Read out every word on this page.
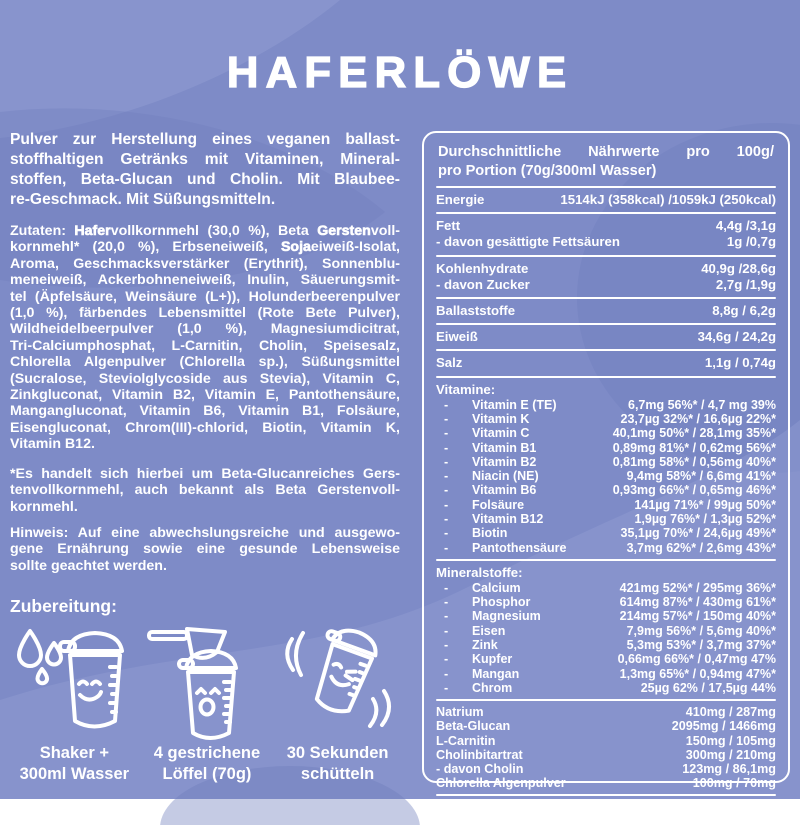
HAFERLÖWE
Pulver zur Herstellung eines veganen ballast-
stoffhaltigen Getränks mit Vitaminen, Mineral-
stoffen, Beta-Glucan und Cholin. Mit Blaubee-
re-Geschmack. Mit Süßungsmitteln.
Zutaten: Hafervollkornmehl (30,0 %), Beta Gerstenvoll-
kornmehl* (20,0 %), Erbseneiweiß, Sojaeiweiß-Isolat,
Aroma, Geschmacksverstärker (Erythrit), Sonnenblu-
meneiweiß, Ackerbohneneiweiß, Inulin, Säuerungsmit-
tel (Äpfelsäure, Weinsäure (L+)), Holunderbeerenpulver
(1,0 %), färbendes Lebensmittel (Rote Bete Pulver),
Wildheidelbeerpulver (1,0 %), Magnesiumdicitrat,
Tri-Calciumphosphat, L-Carnitin, Cholin, Speisesalz,
Chlorella Algenpulver (Chlorella sp.), Süßungsmittel
(Sucralose, Steviolglycoside aus Stevia), Vitamin C,
Zinkgluconat, Vitamin B2, Vitamin E, Pantothensäure,
Mangangluconat, Vitamin B6, Vitamin B1, Folsäure,
Eisengluconat, Chrom(III)-chlorid, Biotin, Vitamin K,
Vitamin B12.
*Es handelt sich hierbei um Beta-Glucanreiches Gers-
tenvollkornmehl, auch bekannt als Beta Gerstenvoll-
kornmehl.
Hinweis: Auf eine abwechslungsreiche und ausgewo-
gene Ernährung sowie eine gesunde Lebensweise
sollte geachtet werden.
Zubereitung:
Shaker +
300ml Wasser
4 gestrichene
Löffel (70g)
30 Sekunden
schütteln
Durchschnittliche Nährwerte pro 100g/
pro Portion (70g/300ml Wasser)
Energie	1514kJ (358kcal) /1059kJ (250kcal)
Fett	4,4g /3,1g
- davon gesättigte Fettsäuren	1g /0,7g
Kohlenhydrate	40,9g /28,6g
- davon Zucker	2,7g /1,9g
Ballaststoffe	8,8g / 6,2g
Eiweiß	34,6g / 24,2g
Salz	1,1g / 0,74g
Vitamine:
-	Vitamin E (TE)	6,7mg 56%* / 4,7 mg 39%
-	Vitamin K	23,7µg 32%* / 16,6µg 22%*
-	Vitamin C	40,1mg 50%* / 28,1mg 35%*
-	Vitamin B1	0,89mg 81%* / 0,62mg 56%*
-	Vitamin B2	0,81mg 58%* / 0,56mg 40%*
-	Niacin (NE)	9,4mg 58%* / 6,6mg 41%*
-	Vitamin B6	0,93mg 66%* / 0,65mg 46%*
-	Folsäure	141µg 71%* / 99µg 50%*
-	Vitamin B12	1,9µg 76%* / 1,3µg 52%*
-	Biotin	35,1µg 70%* / 24,6µg 49%*
-	Pantothensäure	3,7mg 62%* / 2,6mg 43%*
Mineralstoffe:
-	Calcium	421mg 52%* / 295mg 36%*
-	Phosphor	614mg 87%* / 430mg 61%*
-	Magnesium	214mg 57%* / 150mg 40%*
-	Eisen	7,9mg 56%* / 5,6mg 40%*
-	Zink	5,3mg 53%* / 3,7mg 37%*
-	Kupfer	0,66mg 66%* / 0,47mg 47%
-	Mangan	1,3mg 65%* / 0,94mg 47%*
-	Chrom	25µg 62% / 17,5µg 44%
Natrium	410mg / 287mg
Beta-Glucan	2095mg / 1466mg
L-Carnitin	150mg / 105mg
Cholinbitartrat	300mg / 210mg
- davon Cholin	123mg / 86,1mg
Chlorella Algenpulver	100mg / 70mg
*% der Nährstoffbezugswerte nach Verordnung (EU) Nr. 1169/2011
